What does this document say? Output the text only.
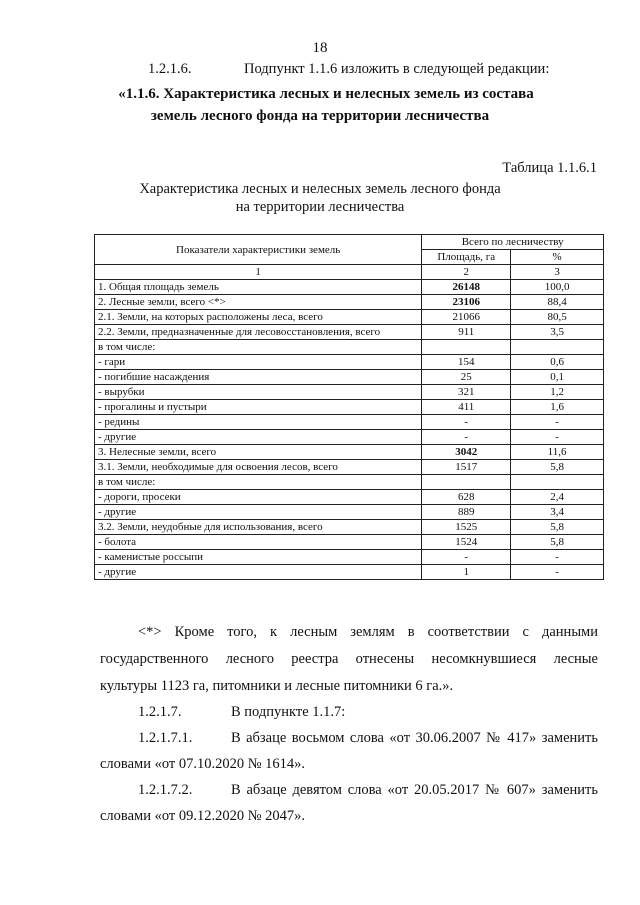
18
1.2.1.6.	Подпункт 1.1.6 изложить в следующей редакции:
«1.1.6. Характеристика лесных и нелесных земель из состава
земель лесного фонда на территории лесничества
Таблица 1.1.6.1
Характеристика лесных и нелесных земель лесного фонда
на территории лесничества
Показатели характеристики земель	Всего по лесничеству	
	Площадь, га	%
1	2	3
1. Общая площадь земель	26148	100,0
2. Лесные земли, всего <*>	23106	88,4
2.1. Земли, на которых расположены леса, всего	21066	80,5
2.2. Земли, предназначенные для лесовосстановления, всего	911	3,5
в том числе:		
- гари	154	0,6
- погибшие насаждения	25	0,1
- вырубки	321	1,2
- прогалины и пустыри	411	1,6
- редины	-	-
- другие	-	-
3. Нелесные земли, всего	3042	11,6
3.1. Земли, необходимые для освоения лесов, всего	1517	5,8
в том числе:		
- дороги, просеки	628	2,4
- другие	889	3,4
3.2. Земли, неудобные для использования, всего	1525	5,8
- болота	1524	5,8
- каменистые россыпи	-	-
- другие	1	-
<*> Кроме того, к лесным землям в соответствии с данными
государственного лесного реестра отнесены несомкнувшиеся лесные
культуры 1123 га, питомники и лесные питомники 6 га.».
1.2.1.7.	В подпункте 1.1.7:
1.2.1.7.1.	В абзаце восьмом слова «от 30.06.2007 № 417» заменить
словами «от 07.10.2020 № 1614».
1.2.1.7.2.	В абзаце девятом слова «от 20.05.2017 № 607» заменить
словами «от 09.12.2020 № 2047».
